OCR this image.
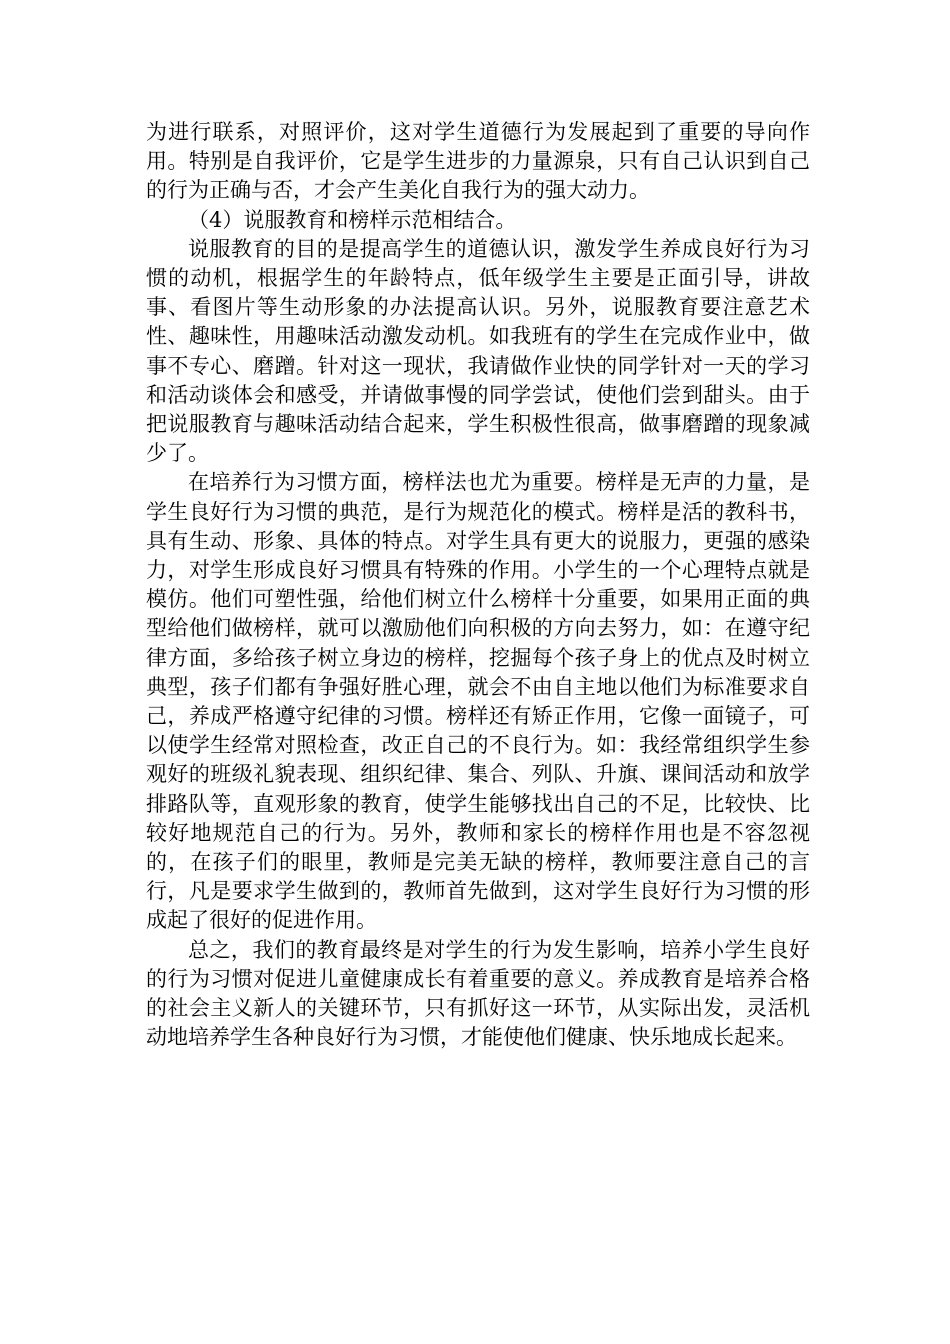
为进行联系，对照评价，这对学生道德行为发展起到了重要的导向作用。特别是自我评价，它是学生进步的力量源泉，只有自己认识到自己的行为正确与否，才会产生美化自我行为的强大动力。

（4）说服教育和榜样示范相结合。

说服教育的目的是提高学生的道德认识，激发学生养成良好行为习惯的动机，根据学生的年龄特点，低年级学生主要是正面引导，讲故事、看图片等生动形象的办法提高认识。另外，说服教育要注意艺术性、趣味性，用趣味活动激发动机。如我班有的学生在完成作业中，做事不专心、磨蹭。针对这一现状，我请做作业快的同学针对一天的学习和活动谈体会和感受，并请做事慢的同学尝试，使他们尝到甜头。由于把说服教育与趣味活动结合起来，学生积极性很高，做事磨蹭的现象减少了。

在培养行为习惯方面，榜样法也尤为重要。榜样是无声的力量，是学生良好行为习惯的典范，是行为规范化的模式。榜样是活的教科书，具有生动、形象、具体的特点。对学生具有更大的说服力，更强的感染力，对学生形成良好习惯具有特殊的作用。小学生的一个心理特点就是模仿。他们可塑性强，给他们树立什么榜样十分重要，如果用正面的典型给他们做榜样，就可以激励他们向积极的方向去努力，如：在遵守纪律方面，多给孩子树立身边的榜样，挖掘每个孩子身上的优点及时树立典型，孩子们都有争强好胜心理，就会不由自主地以他们为标准要求自己，养成严格遵守纪律的习惯。榜样还有矫正作用，它像一面镜子，可以使学生经常对照检查，改正自己的不良行为。如：我经常组织学生参观好的班级礼貌表现、组织纪律、集合、列队、升旗、课间活动和放学排路队等，直观形象的教育，使学生能够找出自己的不足，比较快、比较好地规范自己的行为。另外，教师和家长的榜样作用也是不容忽视的，在孩子们的眼里，教师是完美无缺的榜样，教师要注意自己的言行，凡是要求学生做到的，教师首先做到，这对学生良好行为习惯的形成起了很好的促进作用。

总之，我们的教育最终是对学生的行为发生影响，培养小学生良好的行为习惯对促进儿童健康成长有着重要的意义。养成教育是培养合格的社会主义新人的关键环节，只有抓好这一环节，从实际出发，灵活机动地培养学生各种良好行为习惯，才能使他们健康、快乐地成长起来。
